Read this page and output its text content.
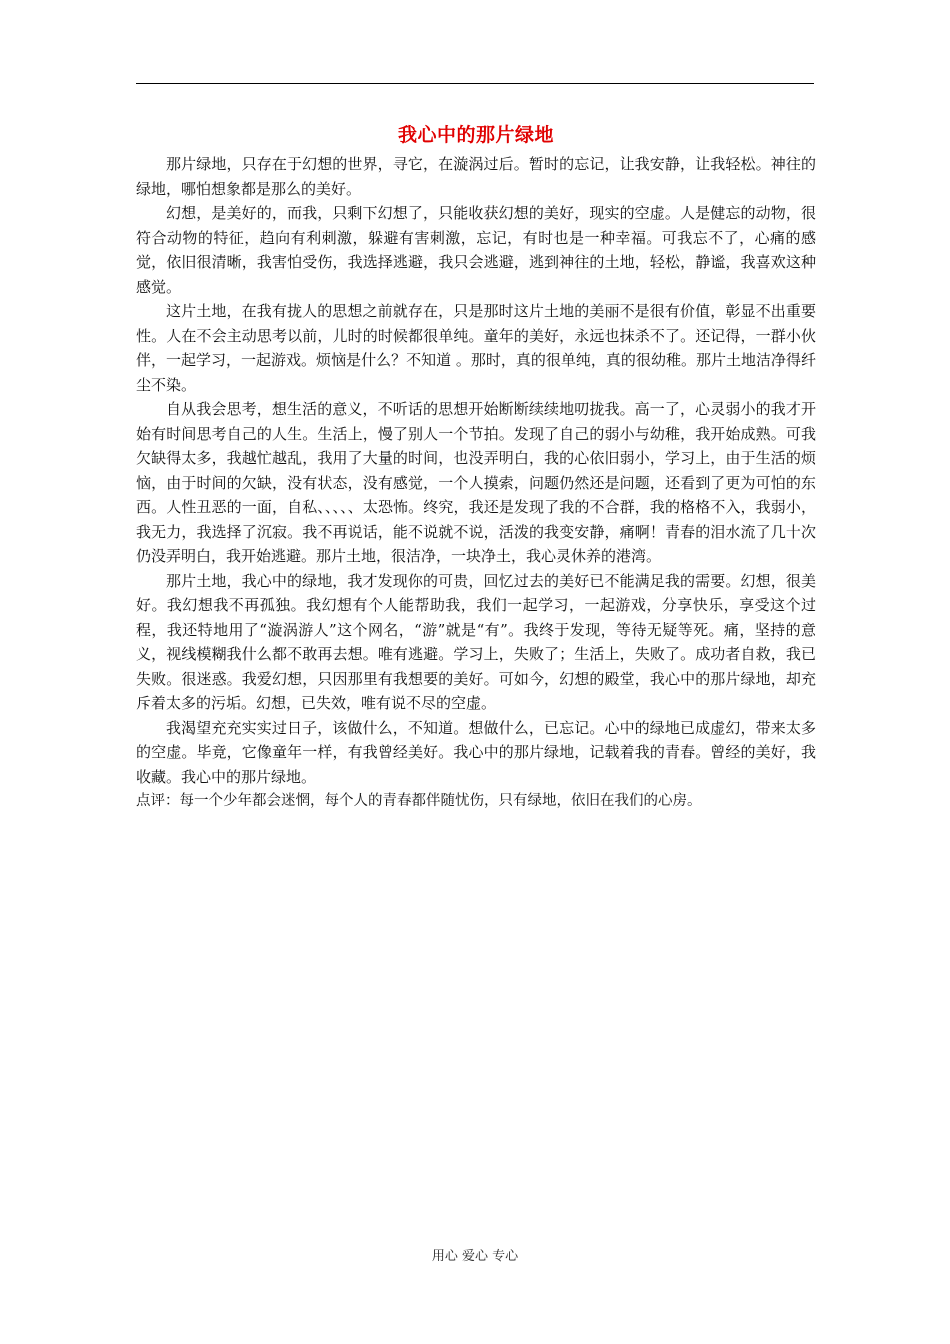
我心中的那片绿地

那片绿地，只存在于幻想的世界，寻它，在漩涡过后。暂时的忘记，让我安静，让我轻松。神往的绿地，哪怕想象都是那么的美好。

幻想，是美好的，而我，只剩下幻想了，只能收获幻想的美好，现实的空虚。人是健忘的动物，很符合动物的特征，趋向有利刺激，躲避有害刺激，忘记，有时也是一种幸福。可我忘不了，心痛的感觉，依旧很清晰，我害怕受伤，我选择逃避，我只会逃避，逃到神往的土地，轻松，静谧，我喜欢这种感觉。

这片土地，在我有拢人的思想之前就存在，只是那时这片土地的美丽不是很有价值，彰显不出重要性。人在不会主动思考以前，儿时的时候都很单纯。童年的美好，永远也抹杀不了。还记得，一群小伙伴，一起学习，一起游戏。烦恼是什么？不知道 。那时，真的很单纯，真的很幼稚。那片土地洁净得纤尘不染。

自从我会思考，想生活的意义，不听话的思想开始断断续续地叨拢我。高一了，心灵弱小的我才开始有时间思考自己的人生。生活上，慢了别人一个节拍。发现了自己的弱小与幼稚，我开始成熟。可我欠缺得太多，我越忙越乱，我用了大量的时间，也没弄明白，我的心依旧弱小，学习上，由于生活的烦恼，由于时间的欠缺，没有状态，没有感觉，一个人摸索，问题仍然还是问题，还看到了更为可怕的东西。人性丑恶的一面，自私、、、、、太恐怖。终究，我还是发现了我的不合群，我的格格不入，我弱小，我无力，我选择了沉寂。我不再说话，能不说就不说，活泼的我变安静，痛啊！青春的泪水流了几十次仍没弄明白，我开始逃避。那片土地，很洁净，一块净土，我心灵休养的港湾。

那片土地，我心中的绿地，我才发现你的可贵，回忆过去的美好已不能满足我的需要。幻想，很美好。我幻想我不再孤独。我幻想有个人能帮助我，我们一起学习，一起游戏，分享快乐，享受这个过程，我还特地用了“漩涡游人”这个网名，“游”就是“有”。我终于发现，等待无疑等死。痛，坚持的意义，视线模糊我什么都不敢再去想。唯有逃避。学习上，失败了；生活上，失败了。成功者自救，我已失败。很迷惑。我爱幻想，只因那里有我想要的美好。可如今，幻想的殿堂，我心中的那片绿地，却充斥着太多的污垢。幻想，已失效，唯有说不尽的空虚。

我渴望充充实实过日子，该做什么，不知道。想做什么，已忘记。心中的绿地已成虚幻，带来太多的空虚。毕竟，它像童年一样，有我曾经美好。我心中的那片绿地，记载着我的青春。曾经的美好，我收藏。我心中的那片绿地。

点评：每一个少年都会迷惘，每个人的青春都伴随忧伤，只有绿地，依旧在我们的心房。

用心 爱心 专心
